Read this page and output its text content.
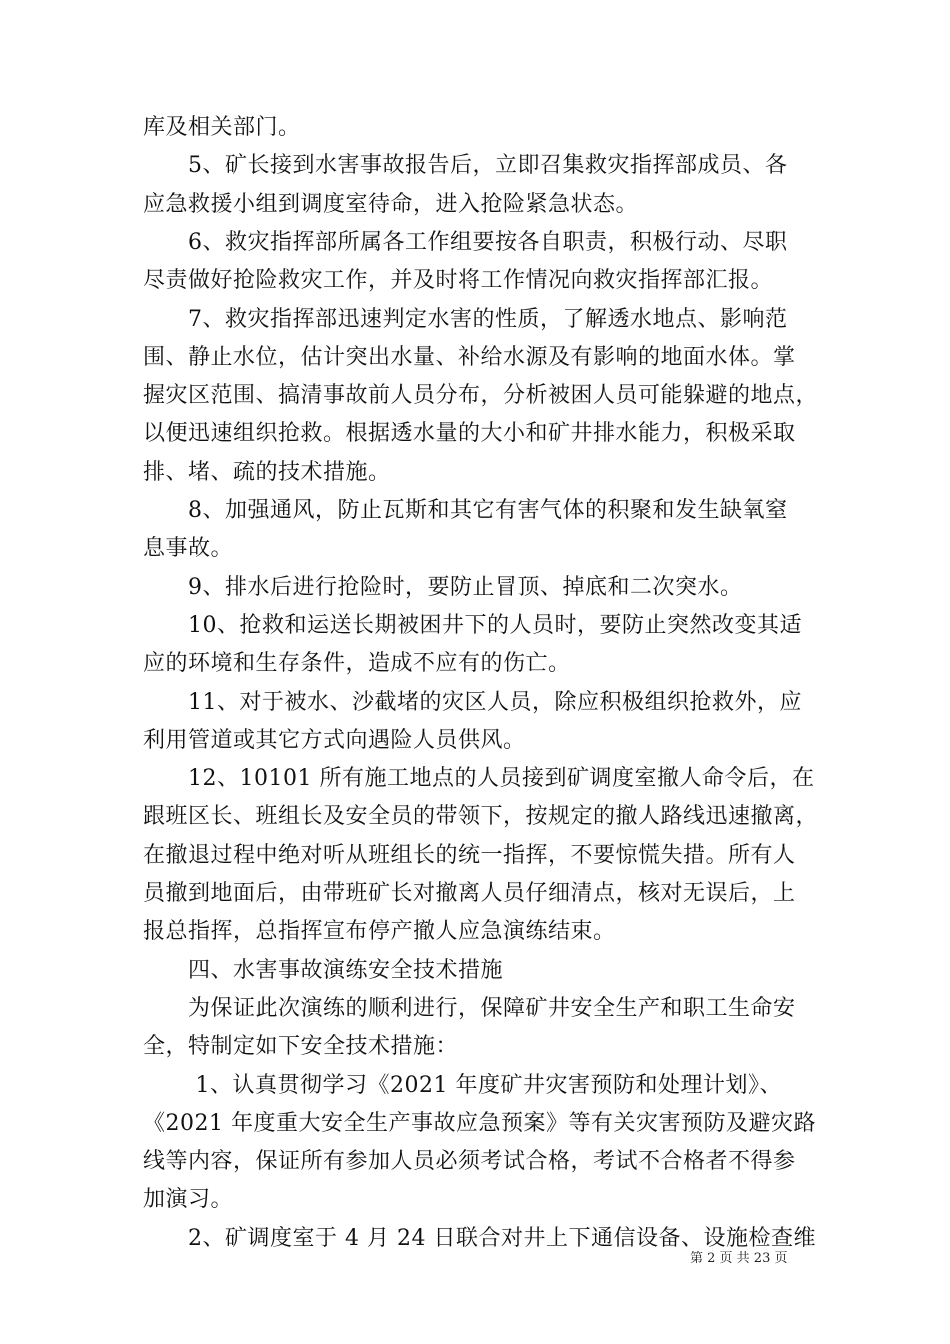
库及相关部门。
　　5、矿长接到水害事故报告后，立即召集救灾指挥部成员、各
应急救援小组到调度室待命，进入抢险紧急状态。
　　6、救灾指挥部所属各工作组要按各自职责，积极行动、尽职
尽责做好抢险救灾工作，并及时将工作情况向救灾指挥部汇报。
　　7、救灾指挥部迅速判定水害的性质，了解透水地点、影响范
围、静止水位，估计突出水量、补给水源及有影响的地面水体。掌
握灾区范围、搞清事故前人员分布，分析被困人员可能躲避的地点，
以便迅速组织抢救。根据透水量的大小和矿井排水能力，积极采取
排、堵、疏的技术措施。
　　8、加强通风，防止瓦斯和其它有害气体的积聚和发生缺氧窒
息事故。
　　9、排水后进行抢险时，要防止冒顶、掉底和二次突水。
　　10、抢救和运送长期被困井下的人员时，要防止突然改变其适
应的环境和生存条件，造成不应有的伤亡。
　　11、对于被水、沙截堵的灾区人员，除应积极组织抢救外，应
利用管道或其它方式向遇险人员供风。
　　12、10101 所有施工地点的人员接到矿调度室撤人命令后，在
跟班区长、班组长及安全员的带领下，按规定的撤人路线迅速撤离，
在撤退过程中绝对听从班组长的统一指挥，不要惊慌失措。所有人
员撤到地面后，由带班矿长对撤离人员仔细清点，核对无误后，上
报总指挥，总指挥宣布停产撤人应急演练结束。
　　四、水害事故演练安全技术措施
　　为保证此次演练的顺利进行，保障矿井安全生产和职工生命安
全，特制定如下安全技术措施：
　　 1、认真贯彻学习《2021 年度矿井灾害预防和处理计划》、
《2021 年度重大安全生产事故应急预案》等有关灾害预防及避灾路
线等内容，保证所有参加人员必须考试合格，考试不合格者不得参
加演习。
　　2、矿调度室于 4 月 24 日联合对井上下通信设备、设施检查维
第 2 页 共 23 页
